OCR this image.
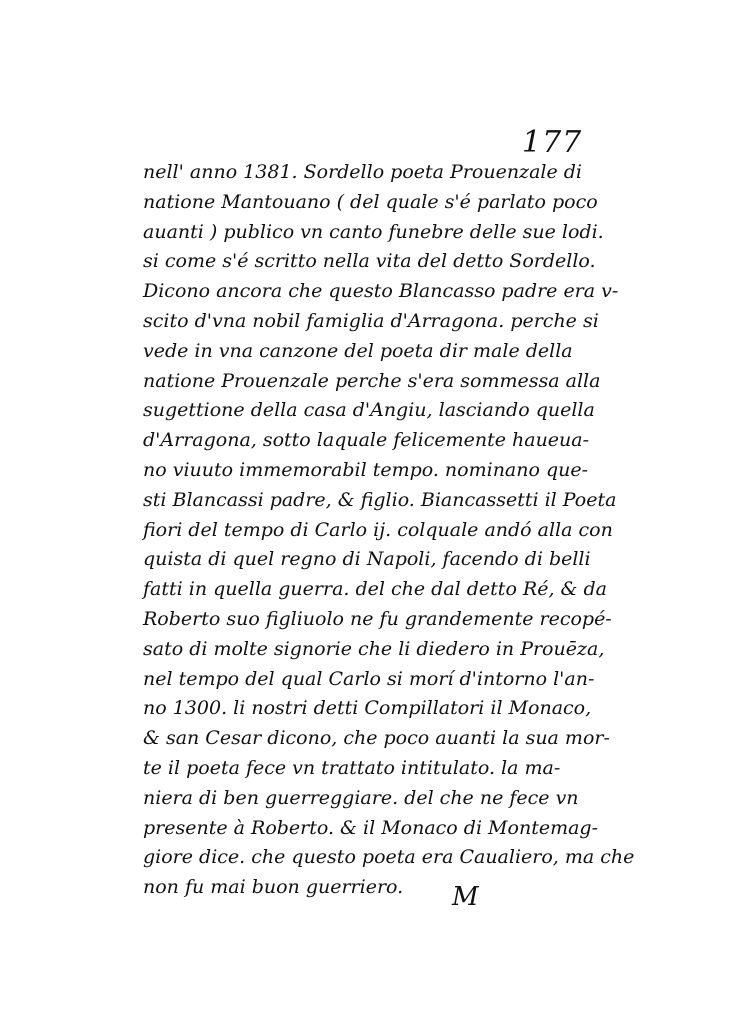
177
nell' anno 1381. Sordello poeta Prouenzale di
natione Mantouano ( del quale s'é parlato poco
auanti ) publico vn canto funebre delle sue lodi.
si come s'é scritto nella vita del detto Sordello.
Dicono ancora che questo Blancasso padre era v-
scito d'vna nobil famiglia d'Arragona. perche si
vede in vna canzone del poeta dir male della
natione Prouenzale perche s'era sommessa alla
sugettione della casa d'Angiu, lasciando quella
d'Arragona, sotto laquale felicemente haueua-
no viuuto immemorabil tempo. nominano que-
sti Blancassi padre, & figlio. Biancassetti il Poeta
fiori del tempo di Carlo ij. colquale andó alla con
quista di quel regno di Napoli, facendo di belli
fatti in quella guerra. del che dal detto Ré, & da
Roberto suo figliuolo ne fu grandemente recopé-
sato di molte signorie che li diedero in Prouēza,
nel tempo del qual Carlo si morí d'intorno l'an-
no 1300. li nostri detti Compillatori il Monaco,
& san Cesar dicono, che poco auanti la sua mor-
te il poeta fece vn trattato intitulato. la ma-
niera di ben guerreggiare. del che ne fece vn
presente à Roberto. & il Monaco di Montemag-
giore dice. che questo poeta era Caualiero, ma che
non fu mai buon guerriero.	M
